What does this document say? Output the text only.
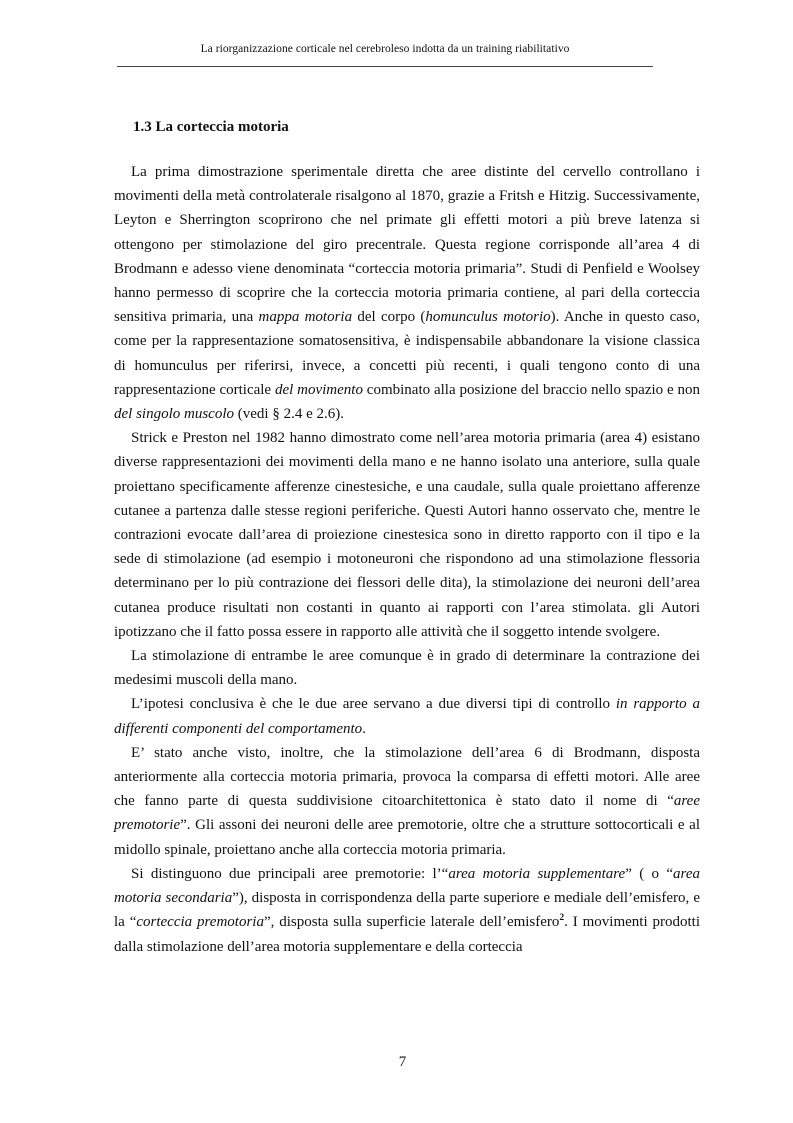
La riorganizzazione corticale nel cerebroleso indotta da un training riabilitativo
1.3 La corteccia motoria

La prima dimostrazione sperimentale diretta che aree distinte del cervello controllano i movimenti della metà controlaterale risalgono al 1870, grazie a Fritsh e Hitzig. Successivamente, Leyton e Sherrington scoprirono che nel primate gli effetti motori a più breve latenza si ottengono per stimolazione del giro precentrale. Questa regione corrisponde all’area 4 di Brodmann e adesso viene denominata “corteccia motoria primaria”. Studi di Penfield e Woolsey hanno permesso di scoprire che la corteccia motoria primaria contiene, al pari della corteccia sensitiva primaria, una mappa motoria del corpo (homunculus motorio). Anche in questo caso, come per la rappresentazione somatosensitiva, è indispensabile abbandonare la visione classica di homunculus per riferirsi, invece, a concetti più recenti, i quali tengono conto di una rappresentazione corticale del movimento combinato alla posizione del braccio nello spazio e non del singolo muscolo (vedi § 2.4 e 2.6).

Strick e Preston nel 1982 hanno dimostrato come nell’area motoria primaria (area 4) esistano diverse rappresentazioni dei movimenti della mano e ne hanno isolato una anteriore, sulla quale proiettano specificamente afferenze cinestesiche, e una caudale, sulla quale proiettano afferenze cutanee a partenza dalle stesse regioni periferiche. Questi Autori hanno osservato che, mentre le contrazioni evocate dall’area di proiezione cinestesica sono in diretto rapporto con il tipo e la sede di stimolazione (ad esempio i motoneuroni che rispondono ad una stimolazione flessoria determinano per lo più contrazione dei flessori delle dita), la stimolazione dei neuroni dell’area cutanea produce risultati non costanti in quanto ai rapporti con l’area stimolata. gli Autori ipotizzano che il fatto possa essere in rapporto alle attività che il soggetto intende svolgere.

La stimolazione di entrambe le aree comunque è in grado di determinare la contrazione dei medesimi muscoli della mano.

L’ipotesi conclusiva è che le due aree servano a due diversi tipi di controllo in rapporto a differenti componenti del comportamento.

E’ stato anche visto, inoltre, che la stimolazione dell’area 6 di Brodmann, disposta anteriormente alla corteccia motoria primaria, provoca la comparsa di effetti motori. Alle aree che fanno parte di questa suddivisione citoarchitettonica è stato dato il nome di “aree premotorie”. Gli assoni dei neuroni delle aree premotorie, oltre che a strutture sottocorticali e al midollo spinale, proiettano anche alla corteccia motoria primaria.

Si distinguono due principali aree premotorie: l’“area motoria supplementare” ( o “area motoria secondaria”), disposta in corrispondenza della parte superiore e mediale dell’emisfero, e la “corteccia premotoria”, disposta sulla superficie laterale dell’emisfero$^2$. I movimenti prodotti dalla stimolazione dell’area motoria supplementare e della corteccia

7
